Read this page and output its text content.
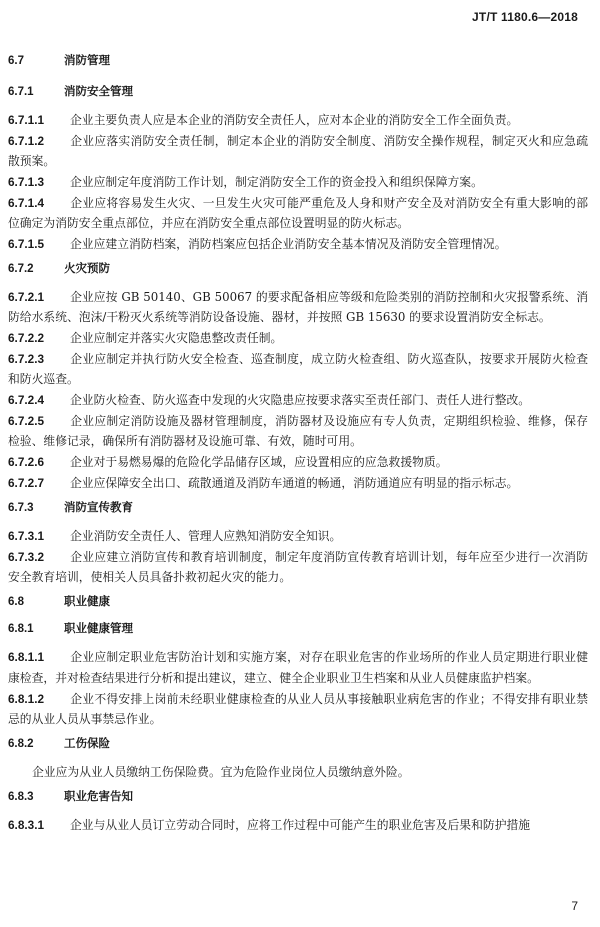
JT/T 1180.6—2018
6.7	消防管理
6.7.1	消防安全管理

6.7.1.1 企业主要负责人应是本企业的消防安全责任人，应对本企业的消防安全工作全面负责。

6.7.1.2 企业应落实消防安全责任制，制定本企业的消防安全制度、消防安全操作规程，制定灭火和应急疏散预案。

6.7.1.3 企业应制定年度消防工作计划，制定消防安全工作的资金投入和组织保障方案。

6.7.1.4 企业应将容易发生火灾、一旦发生火灾可能严重危及人身和财产安全及对消防安全有重大影响的部位确定为消防安全重点部位，并应在消防安全重点部位设置明显的防火标志。

6.7.1.5 企业应建立消防档案，消防档案应包括企业消防安全基本情况及消防安全管理情况。

6.7.2	火灾预防

6.7.2.1 企业应按 GB 50140、GB 50067 的要求配备相应等级和危险类别的消防控制和火灾报警系统、消防给水系统、泡沫/干粉灭火系统等消防设备设施、器材，并按照 GB 15630 的要求设置消防安全标志。

6.7.2.2 企业应制定并落实火灾隐患整改责任制。

6.7.2.3 企业应制定并执行防火安全检查、巡查制度，成立防火检查组、防火巡查队，按要求开展防火检查和防火巡查。

6.7.2.4 企业防火检查、防火巡查中发现的火灾隐患应按要求落实至责任部门、责任人进行整改。

6.7.2.5 企业应制定消防设施及器材管理制度，消防器材及设施应有专人负责，定期组织检验、维修，保存检验、维修记录，确保所有消防器材及设施可靠、有效，随时可用。

6.7.2.6 企业对于易燃易爆的危险化学品储存区域，应设置相应的应急救援物质。

6.7.2.7 企业应保障安全出口、疏散通道及消防车通道的畅通，消防通道应有明显的指示标志。

6.7.3	消防宣传教育

6.7.3.1 企业消防安全责任人、管理人应熟知消防安全知识。

6.7.3.2 企业应建立消防宣传和教育培训制度，制定年度消防宣传教育培训计划，每年应至少进行一次消防安全教育培训，使相关人员具备扑救初起火灾的能力。

6.8	职业健康
6.8.1	职业健康管理

6.8.1.1 企业应制定职业危害防治计划和实施方案，对存在职业危害的作业场所的作业人员定期进行职业健康检查，并对检查结果进行分析和提出建议，建立、健全企业职业卫生档案和从业人员健康监护档案。

6.8.1.2 企业不得安排上岗前未经职业健康检查的从业人员从事接触职业病危害的作业；不得安排有职业禁忌的从业人员从事禁忌作业。

6.8.2	工伤保险

企业应为从业人员缴纳工伤保险费。宜为危险作业岗位人员缴纳意外险。

6.8.3	职业危害告知

6.8.3.1 企业与从业人员订立劳动合同时，应将工作过程中可能产生的职业危害及后果和防护措施

7
